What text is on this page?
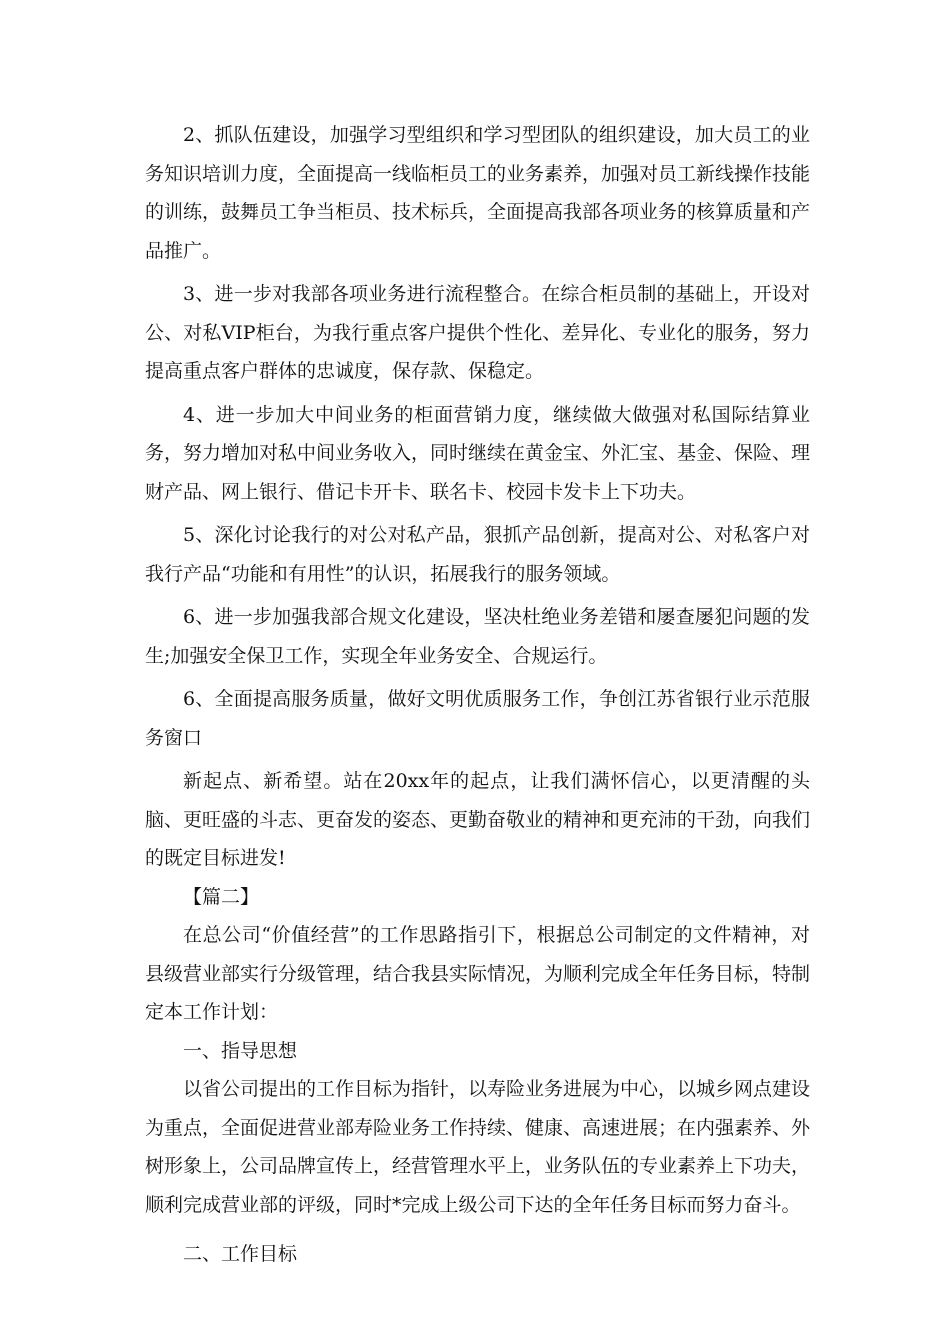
2、抓队伍建设，加强学习型组织和学习型团队的组织建设，加大员工的业务知识培训力度，全面提高一线临柜员工的业务素养，加强对员工新线操作技能的训练，鼓舞员工争当柜员、技术标兵，全面提高我部各项业务的核算质量和产品推广。

3、进一步对我部各项业务进行流程整合。在综合柜员制的基础上，开设对公、对私VIP柜台，为我行重点客户提供个性化、差异化、专业化的服务，努力提高重点客户群体的忠诚度，保存款、保稳定。

4、进一步加大中间业务的柜面营销力度，继续做大做强对私国际结算业务，努力增加对私中间业务收入，同时继续在黄金宝、外汇宝、基金、保险、理财产品、网上银行、借记卡开卡、联名卡、校园卡发卡上下功夫。

5、深化讨论我行的对公对私产品，狠抓产品创新，提高对公、对私客户对我行产品“功能和有用性”的认识，拓展我行的服务领域。

6、进一步加强我部合规文化建设，坚决杜绝业务差错和屡查屡犯问题的发生;加强安全保卫工作，实现全年业务安全、合规运行。

6、全面提高服务质量，做好文明优质服务工作，争创江苏省银行业示范服务窗口

新起点、新希望。站在20xx年的起点，让我们满怀信心，以更清醒的头脑、更旺盛的斗志、更奋发的姿态、更勤奋敬业的精神和更充沛的干劲，向我们的既定目标进发!

【篇二】

在总公司“价值经营”的工作思路指引下，根据总公司制定的文件精神，对县级营业部实行分级管理，结合我县实际情况，为顺利完成全年任务目标，特制定本工作计划：

一、指导思想

以省公司提出的工作目标为指针，以寿险业务进展为中心，以城乡网点建设为重点，全面促进营业部寿险业务工作持续、健康、高速进展；在内强素养、外树形象上，公司品牌宣传上，经营管理水平上，业务队伍的专业素养上下功夫，顺利完成营业部的评级，同时*完成上级公司下达的全年任务目标而努力奋斗。

二、工作目标
